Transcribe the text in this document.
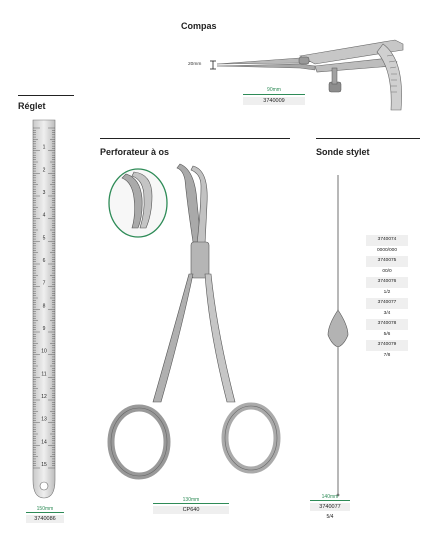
Compas
20mm
90mm
3740009
Réglet
1
2
3
4
5
6
7
8
9
10
11
12
13
14
15
150mm
3740086
Perforateur à os
130mm
CP640
Sonde stylet
3740074
0000/000
3740075
00/0
3740076
1/2
3740077
3/4
3740078
5/6
3740079
7/8
140mm
3740077
5/4
